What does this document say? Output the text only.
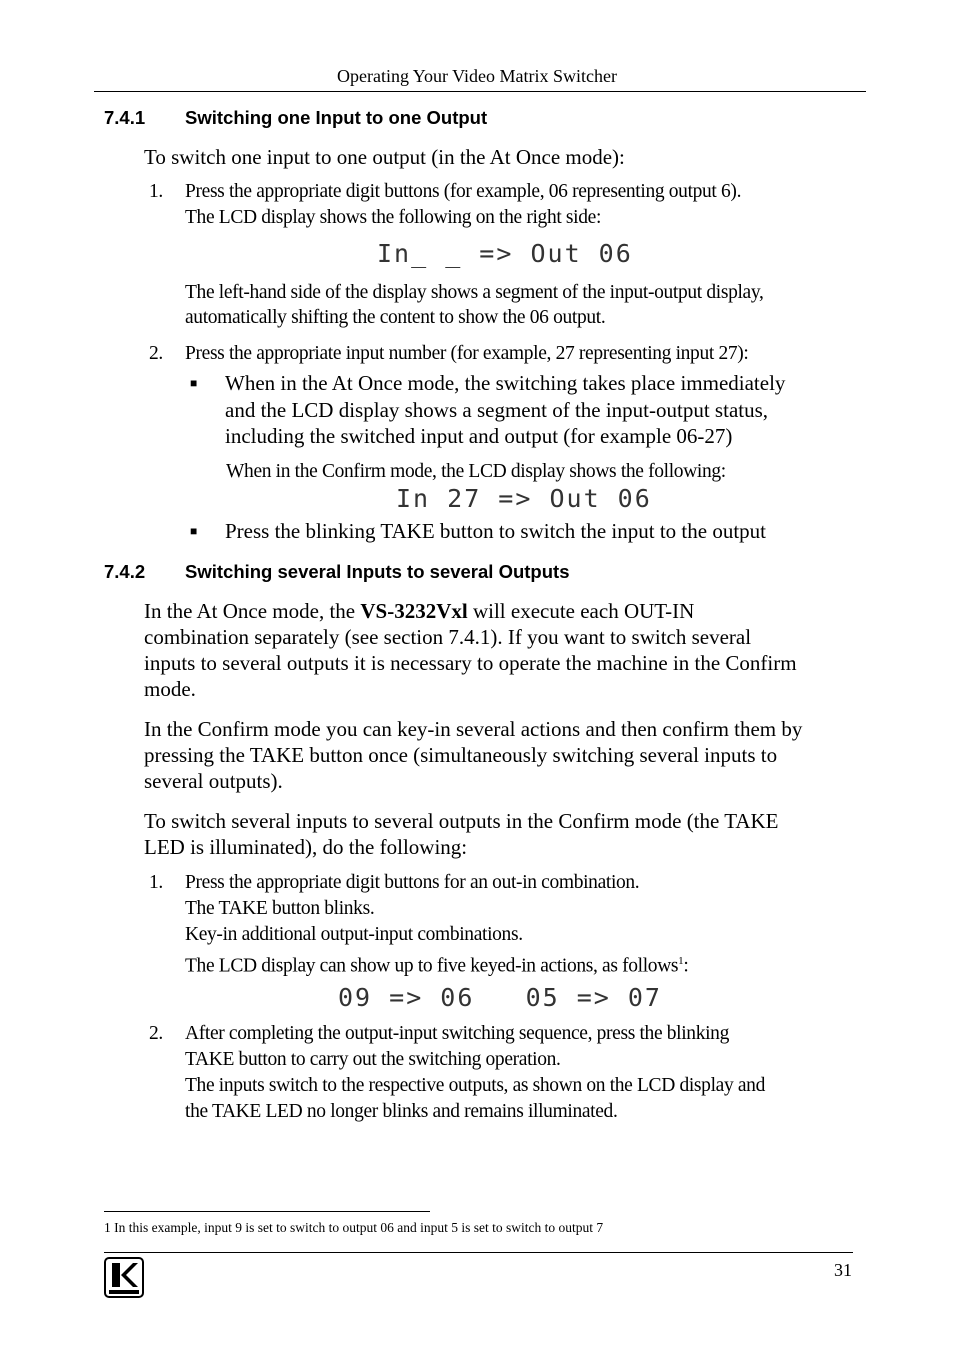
Operating Your Video Matrix Switcher
7.4.1 Switching one Input to one Output
To switch one input to one output (in the At Once mode):
1. Press the appropriate digit buttons (for example, 06 representing output 6).
The LCD display shows the following on the right side:
In_ _ => Out 06
The left-hand side of the display shows a segment of the input-output display,
automatically shifting the content to show the 06 output.
2. Press the appropriate input number (for example, 27 representing input 27):
■ When in the At Once mode, the switching takes place immediately
and the LCD display shows a segment of the input-output status,
including the switched input and output (for example 06-27)
When in the Confirm mode, the LCD display shows the following:
In 27 => Out 06
■ Press the blinking TAKE button to switch the input to the output
7.4.2 Switching several Inputs to several Outputs
In the At Once mode, the VS-3232Vxl will execute each OUT-IN
combination separately (see section 7.4.1). If you want to switch several
inputs to several outputs it is necessary to operate the machine in the Confirm
mode.
In the Confirm mode you can key-in several actions and then confirm them by
pressing the TAKE button once (simultaneously switching several inputs to
several outputs).
To switch several inputs to several outputs in the Confirm mode (the TAKE
LED is illuminated), do the following:
1. Press the appropriate digit buttons for an out-in combination.
The TAKE button blinks.
Key-in additional output-input combinations.
The LCD display can show up to five keyed-in actions, as follows$^1$:
09 => 06   05 => 07
2. After completing the output-input switching sequence, press the blinking
TAKE button to carry out the switching operation.
The inputs switch to the respective outputs, as shown on the LCD display and
the TAKE LED no longer blinks and remains illuminated.
1 In this example, input 9 is set to switch to output 06 and input 5 is set to switch to output 7
31
